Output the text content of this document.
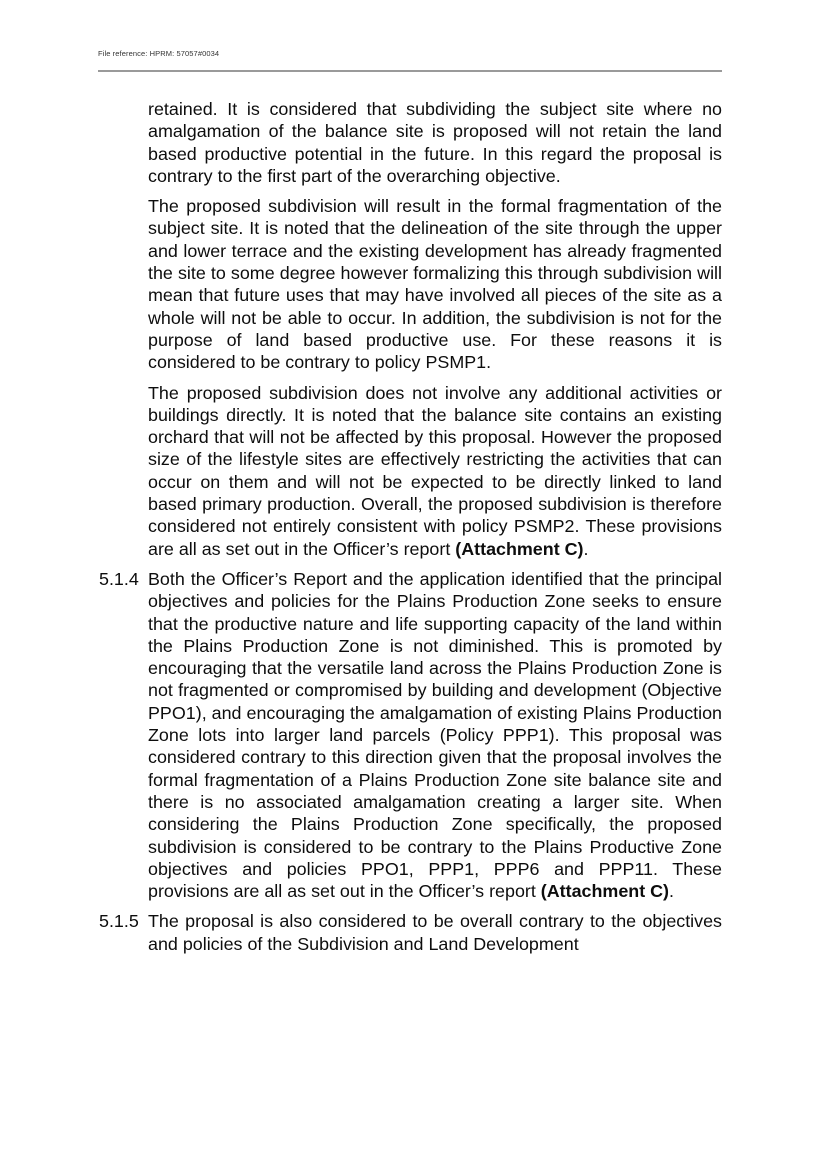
File reference: HPRM: 57057#0034

retained. It is considered that subdividing the subject site where no amalgamation of the balance site is proposed will not retain the land based productive potential in the future. In this regard the proposal is contrary to the first part of the overarching objective.

The proposed subdivision will result in the formal fragmentation of the subject site. It is noted that the delineation of the site through the upper and lower terrace and the existing development has already fragmented the site to some degree however formalizing this through subdivision will mean that future uses that may have involved all pieces of the site as a whole will not be able to occur. In addition, the subdivision is not for the purpose of land based productive use. For these reasons it is considered to be contrary to policy PSMP1.

The proposed subdivision does not involve any additional activities or buildings directly. It is noted that the balance site contains an existing orchard that will not be affected by this proposal. However the proposed size of the lifestyle sites are effectively restricting the activities that can occur on them and will not be expected to be directly linked to land based primary production. Overall, the proposed subdivision is therefore considered not entirely consistent with policy PSMP2. These provisions are all as set out in the Officer’s report (Attachment C).

5.1.4 Both the Officer’s Report and the application identified that the principal objectives and policies for the Plains Production Zone seeks to ensure that the productive nature and life supporting capacity of the land within the Plains Production Zone is not diminished. This is promoted by encouraging that the versatile land across the Plains Production Zone is not fragmented or compromised by building and development (Objective PPO1), and encouraging the amalgamation of existing Plains Production Zone lots into larger land parcels (Policy PPP1). This proposal was considered contrary to this direction given that the proposal involves the formal fragmentation of a Plains Production Zone site balance site and there is no associated amalgamation creating a larger site. When considering the Plains Production Zone specifically, the proposed subdivision is considered to be contrary to the Plains Productive Zone objectives and policies PPO1, PPP1, PPP6 and PPP11. These provisions are all as set out in the Officer’s report (Attachment C).

5.1.5 The proposal is also considered to be overall contrary to the objectives and policies of the Subdivision and Land Development
